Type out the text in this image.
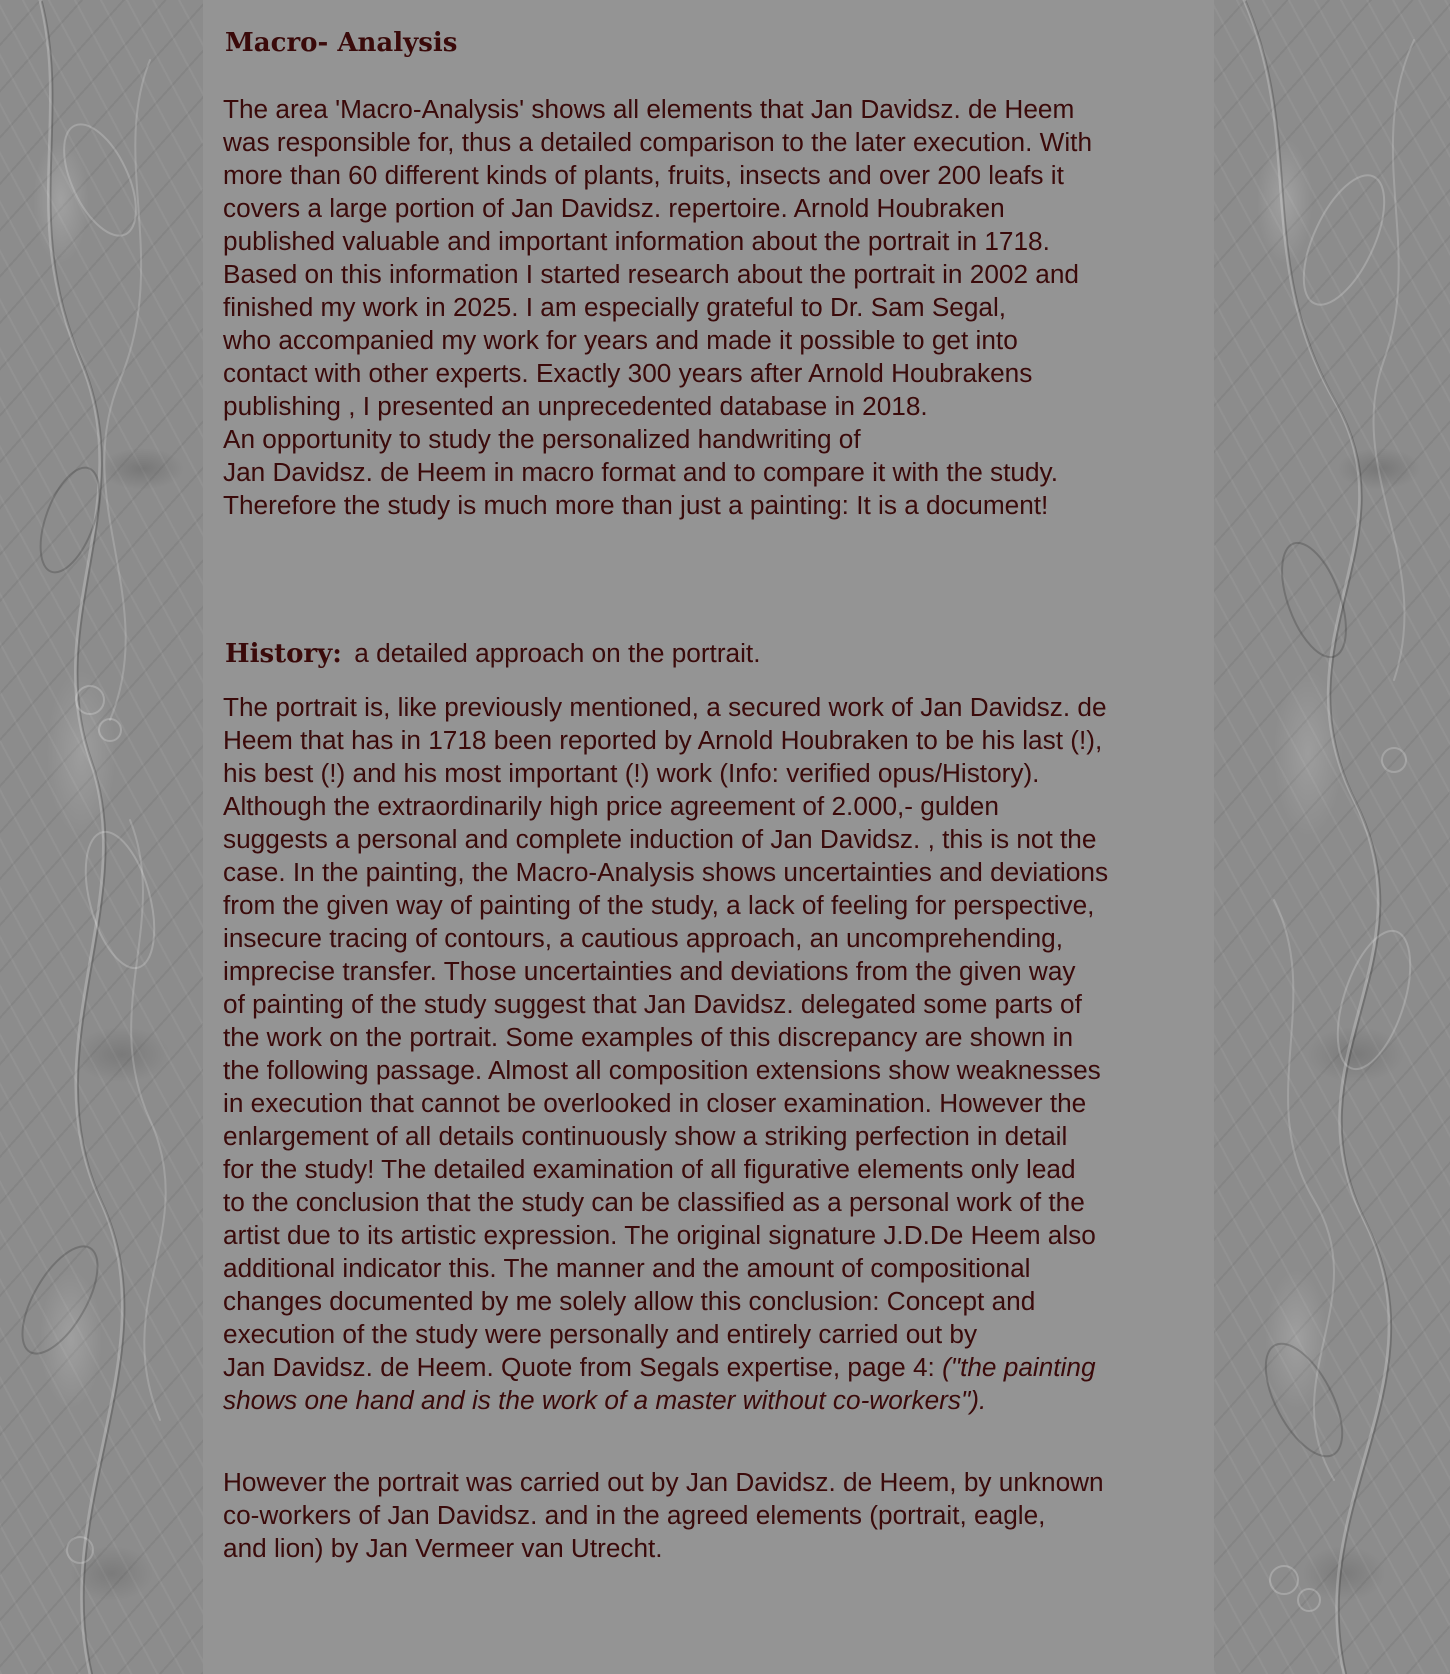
Macro- Analysis

The area 'Macro-Analysis' shows all elements that Jan Davidsz. de Heem
was responsible for, thus a detailed comparison to the later execution. With
more than 60 different kinds of plants, fruits, insects and over 200 leafs it
covers a large portion of Jan Davidsz. repertoire. Arnold Houbraken
published valuable and important information about the portrait in 1718.
Based on this information I started research about the portrait in 2002 and
finished my work in 2025. I am especially grateful to Dr. Sam Segal,
who accompanied my work for years and made it possible to get into
contact with other experts. Exactly 300 years after Arnold Houbrakens
publishing , I presented an unprecedented database in 2018.
An opportunity to study the personalized handwriting of
Jan Davidsz. de Heem in macro format and to compare it with the study.
Therefore the study is much more than just a painting: It is a document!

History: a detailed approach on the portrait.

The portrait is, like previously mentioned, a secured work of Jan Davidsz. de
Heem that has in 1718 been reported by Arnold Houbraken to be his last (!),
his best (!) and his most important (!) work (Info: verified opus/History).
Although the extraordinarily high price agreement of 2.000,- gulden
suggests a personal and complete induction of Jan Davidsz. , this is not the
case. In the painting, the Macro-Analysis shows uncertainties and deviations
from the given way of painting of the study, a lack of feeling for perspective,
insecure tracing of contours, a cautious approach, an uncomprehending,
imprecise transfer. Those uncertainties and deviations from the given way
of painting of the study suggest that Jan Davidsz. delegated some parts of
the work on the portrait. Some examples of this discrepancy are shown in
the following passage. Almost all composition extensions show weaknesses
in execution that cannot be overlooked in closer examination. However the
enlargement of all details continuously show a striking perfection in detail
for the study! The detailed examination of all figurative elements only lead
to the conclusion that the study can be classified as a personal work of the
artist due to its artistic expression. The original signature J.D.De Heem also
additional indicator this. The manner and the amount of compositional
changes documented by me solely allow this conclusion: Concept and
execution of the study were personally and entirely carried out by
Jan Davidsz. de Heem. Quote from Segals expertise, page 4: ("the painting
shows one hand and is the work of a master without co-workers").

However the portrait was carried out by Jan Davidsz. de Heem, by unknown
co-workers of Jan Davidsz. and in the agreed elements (portrait, eagle,
and lion) by Jan Vermeer van Utrecht.
